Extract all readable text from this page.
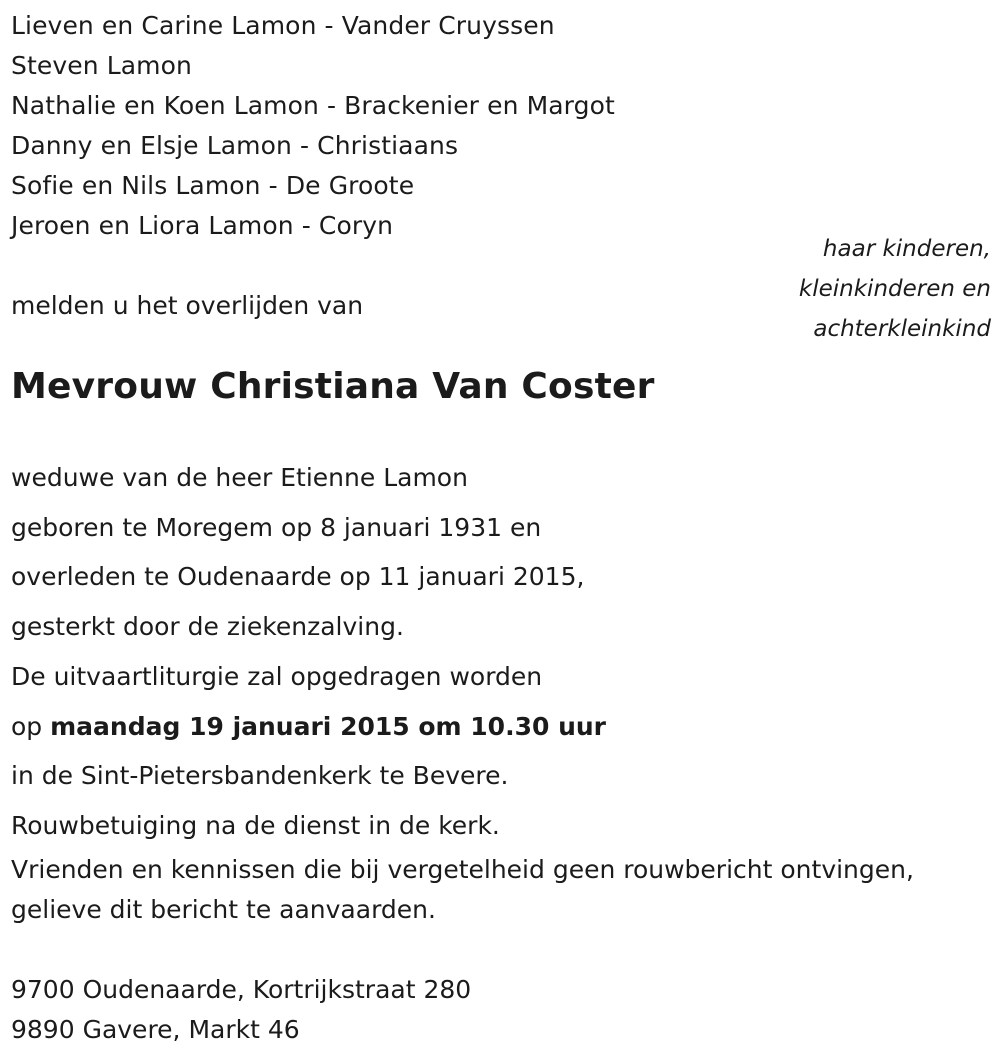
Lieven en Carine Lamon - Vander Cruyssen
Steven Lamon
Nathalie en Koen Lamon - Brackenier en Margot
Danny en Elsje Lamon - Christiaans
Sofie en Nils Lamon - De Groote
Jeroen en Liora Lamon - Coryn
haar kinderen,
kleinkinderen en
achterkleinkind
melden u het overlijden van
Mevrouw Christiana Van Coster
weduwe van de heer Etienne Lamon
geboren te Moregem op 8 januari 1931 en
overleden te Oudenaarde op 11 januari 2015,
gesterkt door de ziekenzalving.
De uitvaartliturgie zal opgedragen worden
op maandag 19 januari 2015 om 10.30 uur
in de Sint-Pietersbandenkerk te Bevere.
Rouwbetuiging na de dienst in de kerk.
Vrienden en kennissen die bij vergetelheid geen rouwbericht ontvingen,
gelieve dit bericht te aanvaarden.
9700 Oudenaarde, Kortrijkstraat 280
9890 Gavere, Markt 46
